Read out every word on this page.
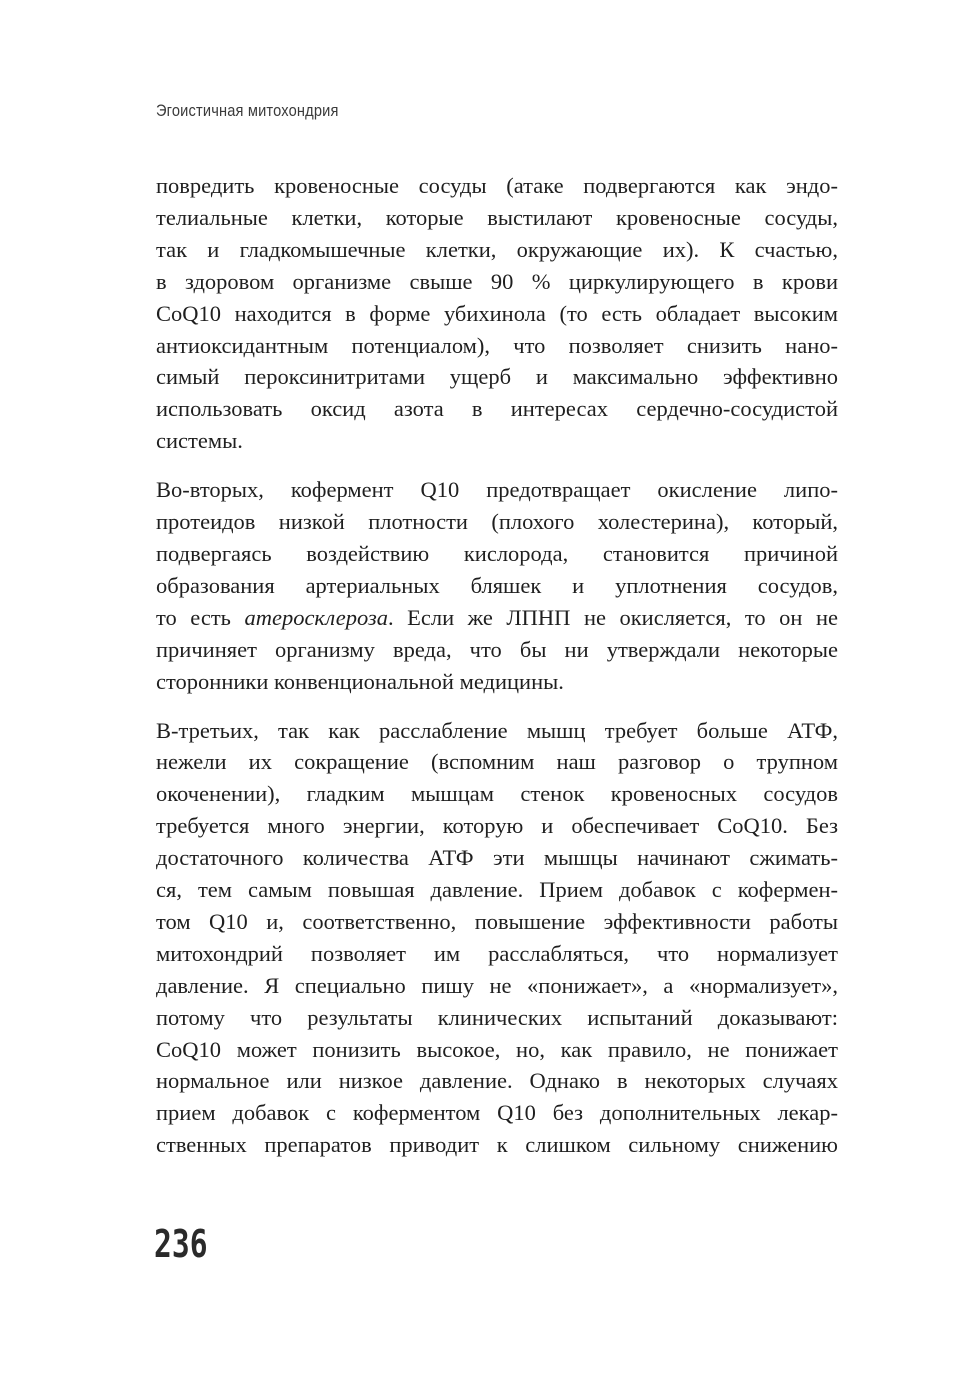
Эгоистичная митохондрия

повредить кровеносные сосуды (атаке подвергаются как эндо-
телиальные клетки, которые выстилают кровеносные сосуды,
так и гладкомышечные клетки, окружающие их). К счастью,
в здоровом организме свыше 90 % циркулирующего в крови
CoQ10 находится в форме убихинола (то есть обладает высоким
антиоксидантным потенциалом), что позволяет снизить нано-
симый пероксинитритами ущерб и максимально эффективно
использовать оксид азота в интересах сердечно-сосудистой
системы.

Во-вторых, кофермент Q10 предотвращает окисление липо-
протеидов низкой плотности (плохого холестерина), который,
подвергаясь воздействию кислорода, становится причиной
образования артериальных бляшек и уплотнения сосудов,
то есть атеросклероза. Если же ЛПНП не окисляется, то он не
причиняет организму вреда, что бы ни утверждали некоторые
сторонники конвенциональной медицины.

В-третьих, так как расслабление мышц требует больше АТФ,
нежели их сокращение (вспомним наш разговор о трупном
окоченении), гладким мышцам стенок кровеносных сосудов
требуется много энергии, которую и обеспечивает CoQ10. Без
достаточного количества АТФ эти мышцы начинают сжимать-
ся, тем самым повышая давление. Прием добавок с кофермен-
том Q10 и, соответственно, повышение эффективности работы
митохондрий позволяет им расслабляться, что нормализует
давление. Я специально пишу не «понижает», а «нормализует»,
потому что результаты клинических испытаний доказывают:
CoQ10 может понизить высокое, но, как правило, не понижает
нормальное или низкое давление. Однако в некоторых случаях
прием добавок с коферментом Q10 без дополнительных лекар-
ственных препаратов приводит к слишком сильному снижению

236
